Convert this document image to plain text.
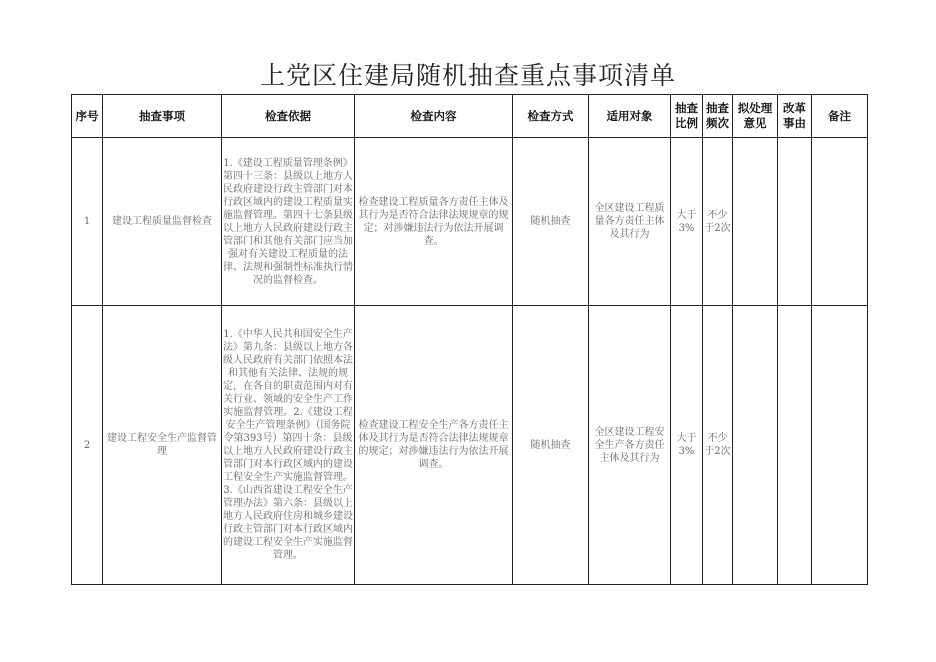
上党区住建局随机抽查重点事项清单
序号	抽查事项	检查依据	检查内容	检查方式	适用对象	抽查比例	抽查频次	拟处理意见	改革事由	备注
1	建设工程质量监督检查	1.《建设工程质量管理条例》第四十三条：县级以上地方人民政府建设行政主管部门对本行政区域内的建设工程质量实施监督管理。第四十七条县级以上地方人民政府建设行政主管部门和其他有关部门应当加强对有关建设工程质量的法律、法规和强制性标准执行情况的监督检查。	检查建设工程质量各方责任主体及其行为是否符合法律法规规章的规定；对涉嫌违法行为依法开展调查。	随机抽查	全区建设工程质量各方责任主体及其行为	大于3%	不少于2次			
2	建设工程安全生产监督管理	1.《中华人民共和国安全生产法》第九条：县级以上地方各级人民政府有关部门依照本法和其他有关法律、法规的规定，在各自的职责范围内对有关行业、领域的安全生产工作实施监督管理。2.《建设工程安全生产管理条例》（国务院令第393号）第四十条：县级以上地方人民政府建设行政主管部门对本行政区域内的建设工程安全生产实施监督管理。3.《山西省建设工程安全生产管理办法》第六条：县级以上地方人民政府住房和城乡建设行政主管部门对本行政区域内的建设工程安全生产实施监督管理。	检查建设工程安全生产各方责任主体及其行为是否符合法律法规规章的规定；对涉嫌违法行为依法开展调查。	随机抽查	全区建设工程安全生产各方责任主体及其行为	大于3%	不少于2次			
